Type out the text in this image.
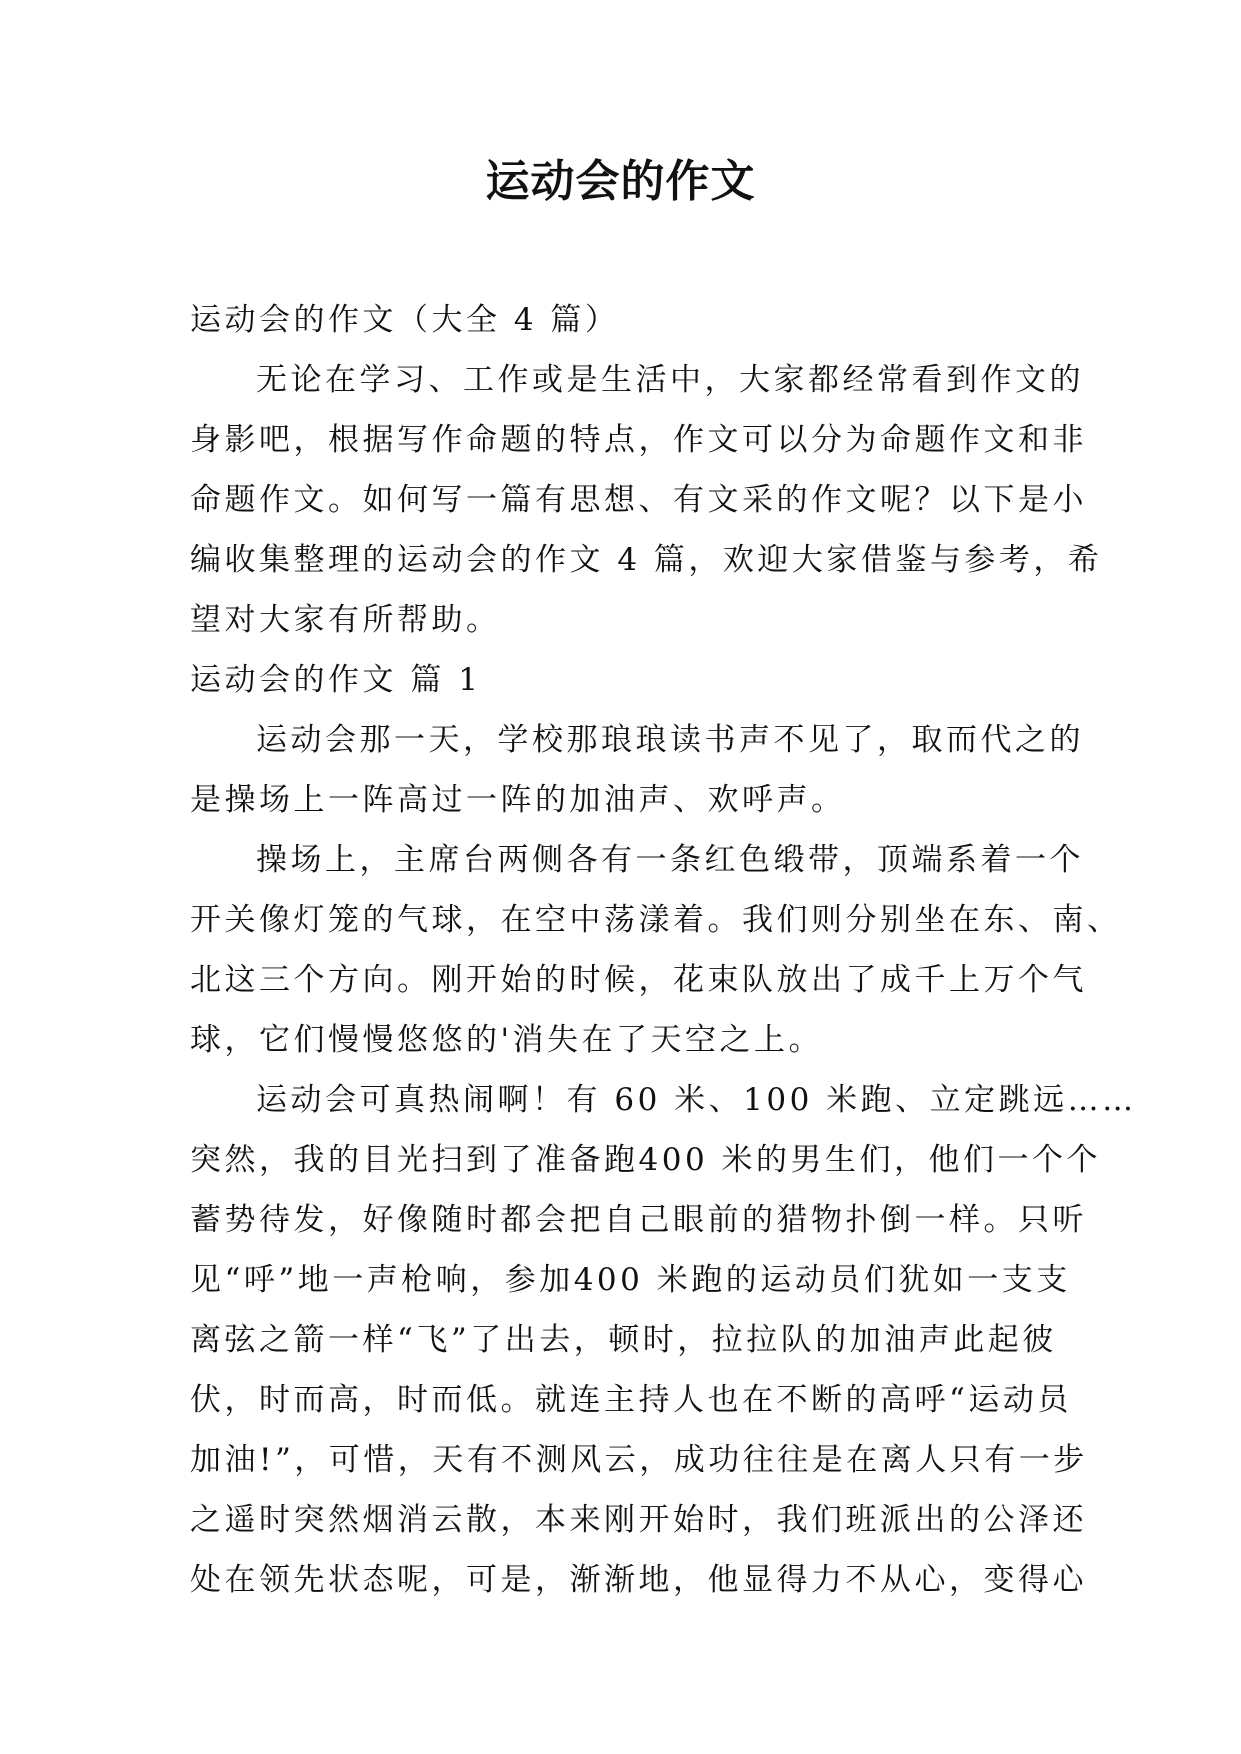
运动会的作文
运动会的作文（大全 4 篇）
无论在学习、工作或是生活中，大家都经常看到作文的
身影吧，根据写作命题的特点，作文可以分为命题作文和非
命题作文。如何写一篇有思想、有文采的作文呢？以下是小
编收集整理的运动会的作文 4 篇，欢迎大家借鉴与参考，希
望对大家有所帮助。
运动会的作文 篇 1
运动会那一天，学校那琅琅读书声不见了，取而代之的
是操场上一阵高过一阵的加油声、欢呼声。
操场上，主席台两侧各有一条红色缎带，顶端系着一个
开关像灯笼的气球，在空中荡漾着。我们则分别坐在东、南、
北这三个方向。刚开始的时候，花束队放出了成千上万个气
球，它们慢慢悠悠的'消失在了天空之上。
运动会可真热闹啊！有 60 米、100 米跑、立定跳远……
突然，我的目光扫到了准备跑400 米的男生们，他们一个个
蓄势待发，好像随时都会把自己眼前的猎物扑倒一样。只听
见“呼”地一声枪响，参加400 米跑的运动员们犹如一支支
离弦之箭一样“飞”了出去，顿时，拉拉队的加油声此起彼
伏，时而高，时而低。就连主持人也在不断的高呼“运动员
加油!”，可惜，天有不测风云，成功往往是在离人只有一步
之遥时突然烟消云散，本来刚开始时，我们班派出的公泽还
处在领先状态呢，可是，渐渐地，他显得力不从心，变得心
